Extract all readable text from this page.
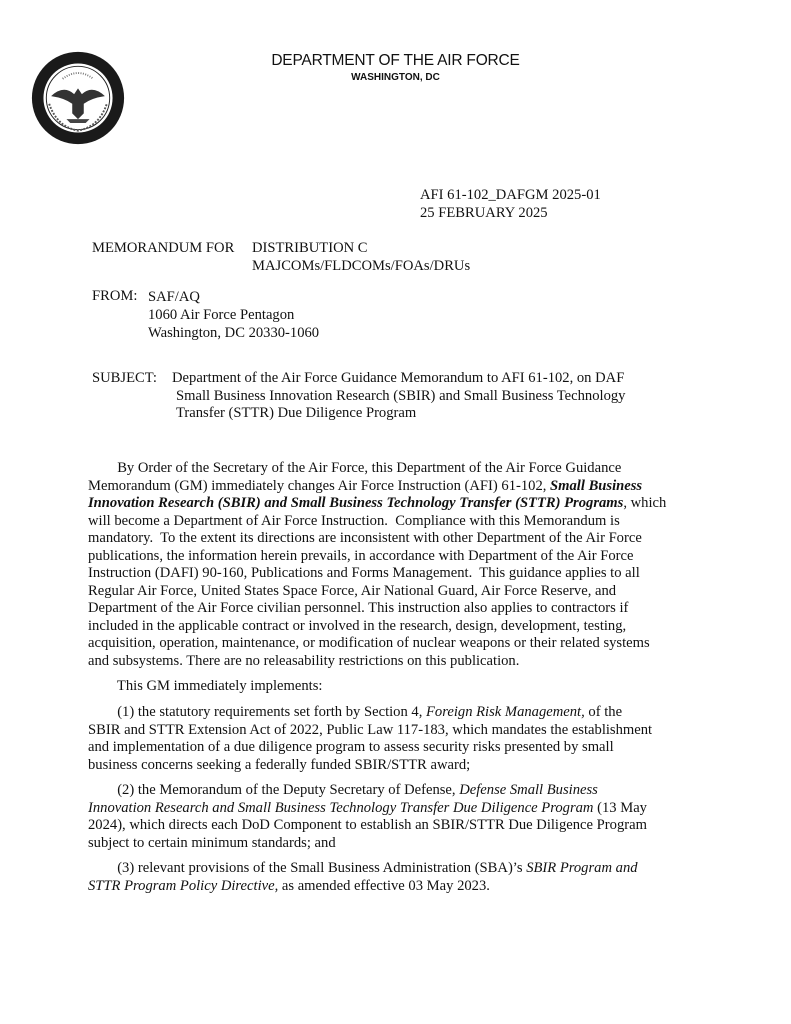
DEPARTMENT OF THE AIR FORCE
WASHINGTON, DC
AFI 61-102_DAFGM 2025-01
25 FEBRUARY 2025
MEMORANDUM FOR DISTRIBUTION C
MAJCOMs/FLDCOMs/FOAs/DRUs
FROM: SAF/AQ
1060 Air Force Pentagon
Washington, DC 20330-1060
SUBJECT: Department of the Air Force Guidance Memorandum to AFI 61-102, on DAF
Small Business Innovation Research (SBIR) and Small Business Technology
Transfer (STTR) Due Diligence Program
By Order of the Secretary of the Air Force, this Department of the Air Force Guidance
Memorandum (GM) immediately changes Air Force Instruction (AFI) 61-102, Small Business
Innovation Research (SBIR) and Small Business Technology Transfer (STTR) Programs, which
will become a Department of Air Force Instruction.  Compliance with this Memorandum is
mandatory.  To the extent its directions are inconsistent with other Department of the Air Force
publications, the information herein prevails, in accordance with Department of the Air Force
Instruction (DAFI) 90-160, Publications and Forms Management.  This guidance applies to all
Regular Air Force, United States Space Force, Air National Guard, Air Force Reserve, and
Department of the Air Force civilian personnel. This instruction also applies to contractors if
included in the applicable contract or involved in the research, design, development, testing,
acquisition, operation, maintenance, or modification of nuclear weapons or their related systems
and subsystems. There are no releasability restrictions on this publication.
This GM immediately implements:
(1) the statutory requirements set forth by Section 4, Foreign Risk Management, of the
SBIR and STTR Extension Act of 2022, Public Law 117-183, which mandates the establishment
and implementation of a due diligence program to assess security risks presented by small
business concerns seeking a federally funded SBIR/STTR award;
(2) the Memorandum of the Deputy Secretary of Defense, Defense Small Business
Innovation Research and Small Business Technology Transfer Due Diligence Program (13 May
2024), which directs each DoD Component to establish an SBIR/STTR Due Diligence Program
subject to certain minimum standards; and
(3) relevant provisions of the Small Business Administration (SBA)’s SBIR Program and
STTR Program Policy Directive, as amended effective 03 May 2023.
